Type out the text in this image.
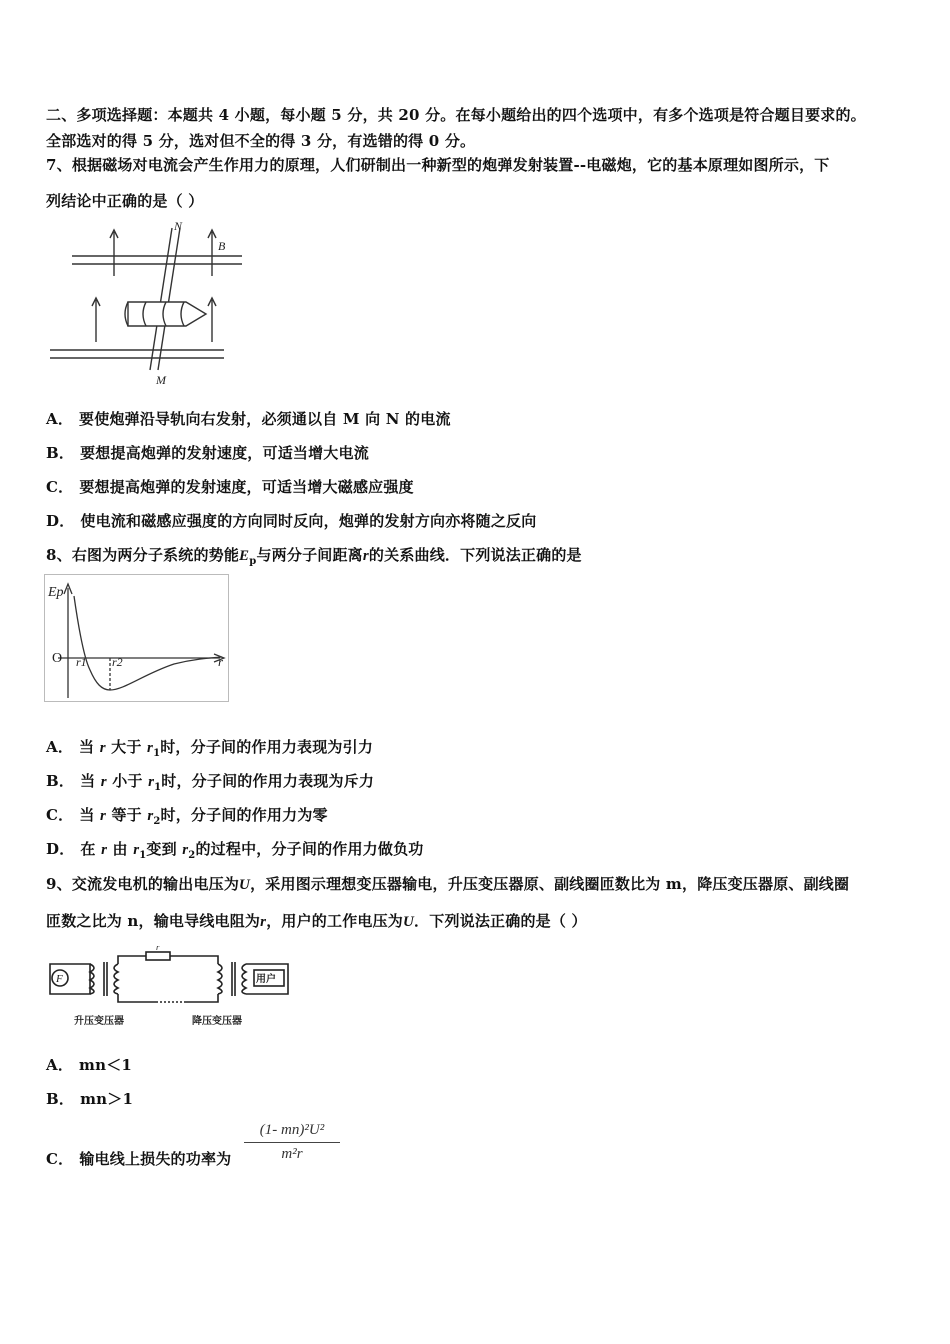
二、多项选择题：本题共 4 小题，每小题 5 分，共 20 分。在每小题给出的四个选项中，有多个选项是符合题目要求的。
全部选对的得 5 分，选对但不全的得 3 分，有选错的得 0 分。
7、根据磁场对电流会产生作用力的原理，人们研制出一种新型的炮弹发射装置--电磁炮，它的基本原理如图所示，下
列结论中正确的是（ ）
N
B
M
A． 要使炮弹沿导轨向右发射，必须通以自 M 向 N 的电流
B． 要想提高炮弹的发射速度，可适当增大电流
C． 要想提高炮弹的发射速度，可适当增大磁感应强度
D． 使电流和磁感应强度的方向同时反向，炮弹的发射方向亦将随之反向
8、右图为两分子系统的势能$E_p$与两分子间距离r的关系曲线．下列说法正确的是
Ep
O r1 r2	r
A． 当 r 大于 $r_1$时，分子间的作用力表现为引力
B． 当 r 小于 $r_1$时，分子间的作用力表现为斥力
C． 当 r 等于 $r_2$时，分子间的作用力为零
D． 在 r 由 $r_1$变到 $r_2$的过程中，分子间的作用力做负功
9、交流发电机的输出电压为U，采用图示理想变压器输电，升压变压器原、副线圈匝数比为 m，降压变压器原、副线圈
匝数之比为 n，输电导线电阻为r，用户的工作电压为U．下列说法正确的是（ ）
F
r
用户
升压变压器	降压变压器
A． mn＜1
B． mn＞1
C． 输电线上损失的功率为 $\frac{\text{(1- mn)²U²}}{\text{m²r}}$
